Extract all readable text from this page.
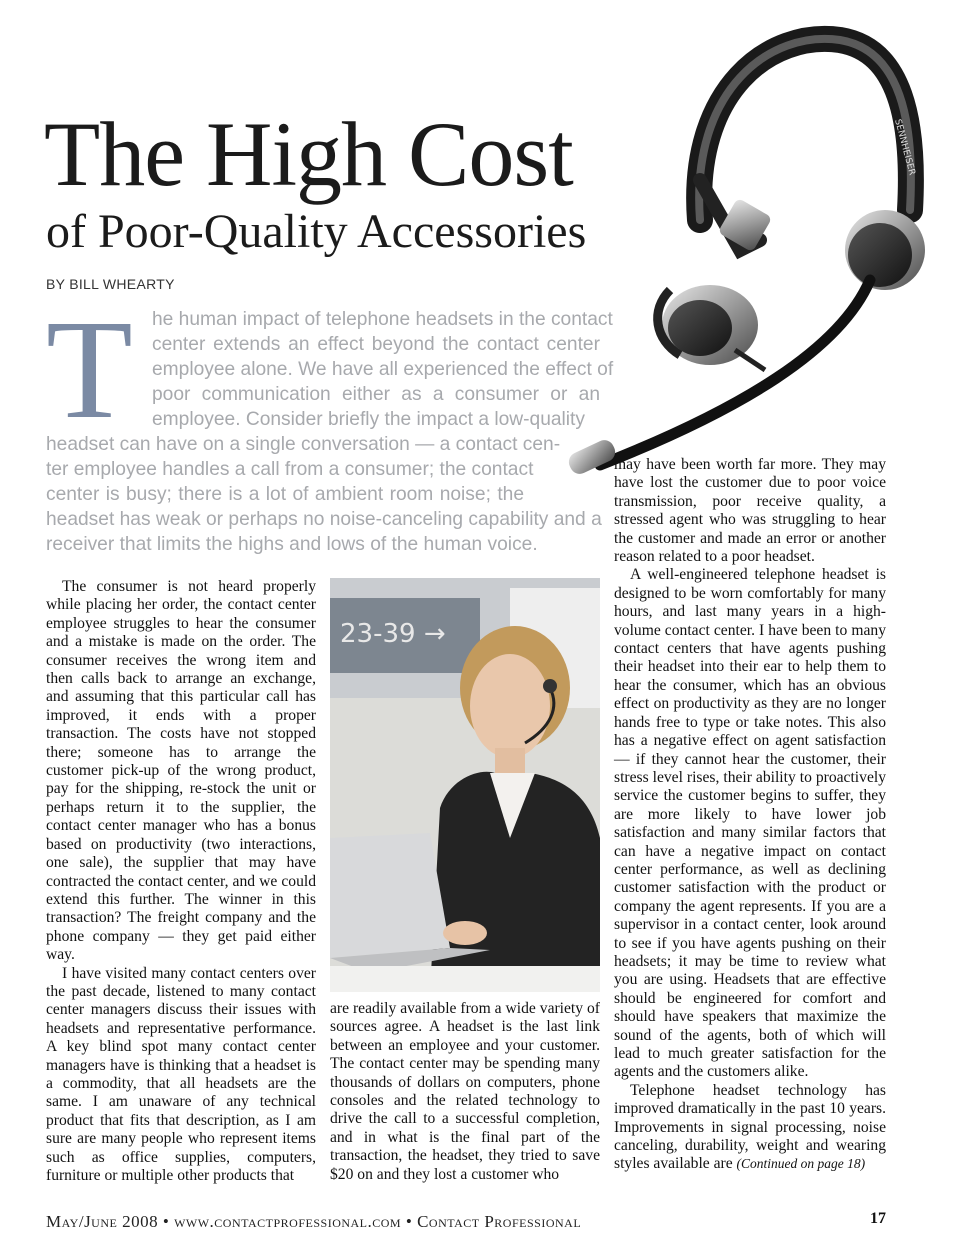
SENNHEISER
The High Cost
of Poor-Quality Accessories
BY BILL WHEARTY
T he human impact of telephone headsets in the contact
center extends an effect beyond the contact center
employee alone. We have all experienced the effect of
poor communication either as a consumer or an
employee. Consider briefly the impact a low-quality
headset can have on a single conversation — a contact cen-
ter employee handles a call from a consumer; the contact
center is busy; there is a lot of ambient room noise; the
headset has weak or perhaps no noise-canceling capability and a
receiver that limits the highs and lows of the human voice.

The consumer is not heard properly while placing her order, the contact center employee struggles to hear the consumer and a mistake is made on the order. The consumer receives the wrong item and then calls back to arrange an exchange, and assuming that this particular call has improved, it ends with a proper transaction. The costs have not stopped there; someone has to arrange the customer pick-up of the wrong product, pay for the shipping, re-stock the unit or perhaps return it to the supplier, the contact center manager who has a bonus based on productivity (two interactions, one sale), the supplier that may have contracted the contact center, and we could extend this further. The winner in this transaction? The freight company and the phone company — they get paid either way.

I have visited many contact centers over the past decade, listened to many contact center managers discuss their issues with headsets and representative performance. A key blind spot many contact center managers have is thinking that a headset is a commodity, that all headsets are the same. I am unaware of any technical product that fits that description, as I am sure are many people who represent items such as office supplies, computers, furniture or multiple other products that

23-39 →

are readily available from a wide variety of sources agree. A headset is the last link between an employee and your customer. The contact center may be spending many thousands of dollars on computers, phone consoles and the related technology to drive the call to a successful completion, and in what is the final part of the transaction, the headset, they tried to save $20 on and they lost a customer who

may have been worth far more. They may have lost the customer due to poor voice transmission, poor receive quality, a stressed agent who was struggling to hear the customer and made an error or another reason related to a poor headset.

A well-engineered telephone headset is designed to be worn comfortably for many hours, and last many years in a high-volume contact center. I have been to many contact centers that have agents pushing their headset into their ear to help them to hear the consumer, which has an obvious effect on productivity as they are no longer hands free to type or take notes. This also has a negative effect on agent satisfaction — if they cannot hear the customer, their stress level rises, their ability to proactively service the customer begins to suffer, they are more likely to have lower job satisfaction and many similar factors that can have a negative impact on contact center performance, as well as declining customer satisfaction with the product or company the agent represents. If you are a supervisor in a contact center, look around to see if you have agents pushing on their headsets; it may be time to review what you are using. Headsets that are effective should be engineered for comfort and should have speakers that maximize the sound of the agents, both of which will lead to much greater satisfaction for the agents and the customers alike.

Telephone headset technology has improved dramatically in the past 10 years. Improvements in signal processing, noise canceling, durability, weight and wearing styles available are (Continued on page 18)

May/June 2008 • www.contactprofessional.com • Contact Professional	17
